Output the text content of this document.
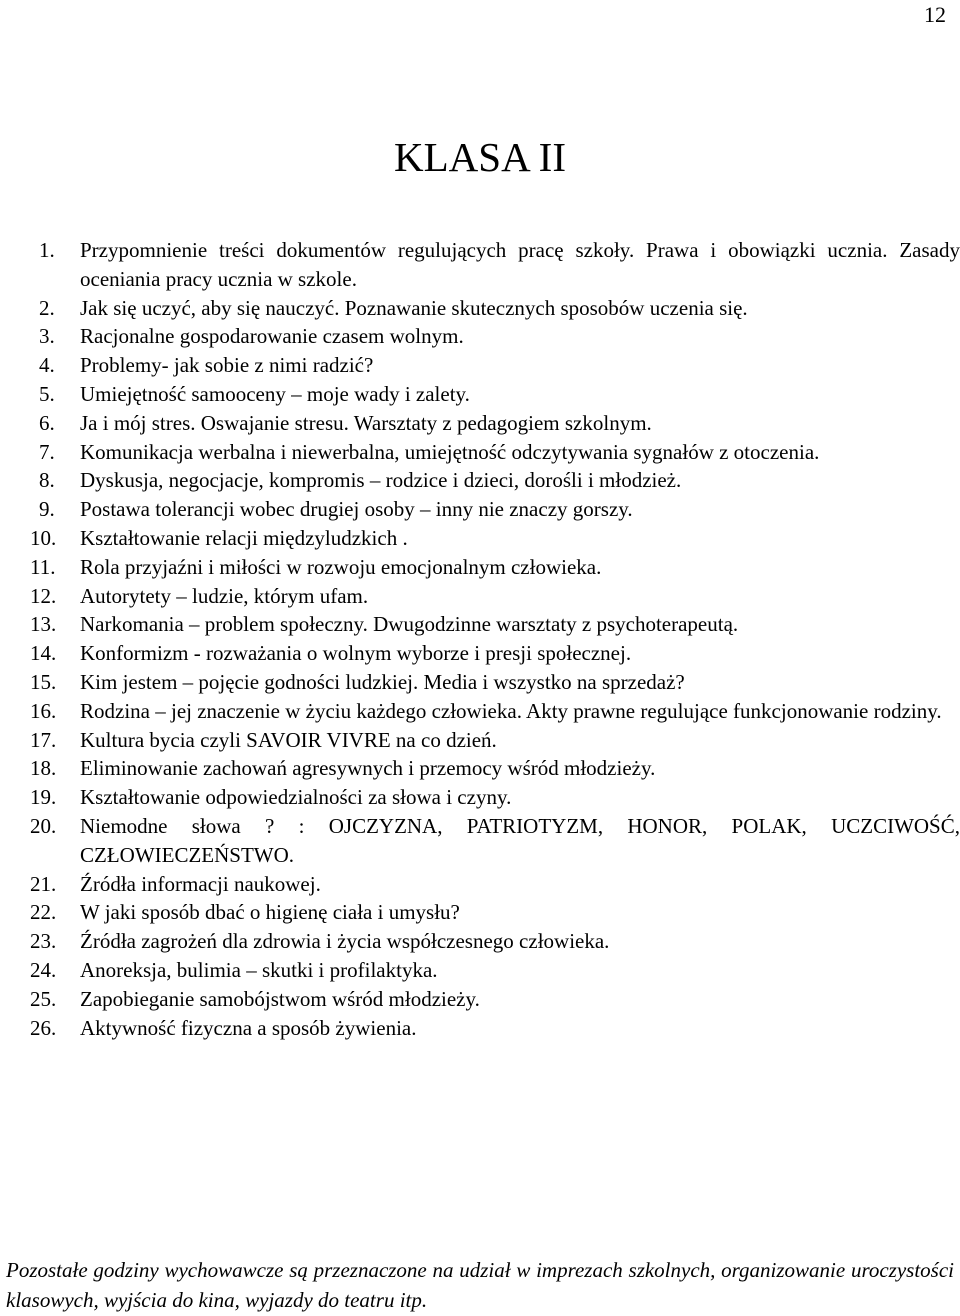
12
KLASA II
1.	Przypomnienie treści dokumentów regulujących pracę szkoły. Prawa i obowiązki ucznia. Zasady oceniania pracy ucznia w szkole.
2.	Jak się uczyć, aby się nauczyć. Poznawanie skutecznych sposobów uczenia się.
3.	Racjonalne gospodarowanie czasem wolnym.
4.	Problemy- jak sobie z nimi radzić?
5.	Umiejętność samooceny – moje wady i zalety.
6.	Ja i mój stres. Oswajanie stresu. Warsztaty z pedagogiem szkolnym.
7.	Komunikacja werbalna i niewerbalna, umiejętność odczytywania sygnałów z otoczenia.
8.	Dyskusja, negocjacje, kompromis – rodzice i dzieci, dorośli i młodzież.
9.	Postawa tolerancji wobec drugiej osoby – inny nie znaczy gorszy.
10.	Kształtowanie relacji międzyludzkich .
11.	Rola przyjaźni i miłości w rozwoju emocjonalnym człowieka.
12.	Autorytety – ludzie, którym ufam.
13.	Narkomania – problem społeczny. Dwugodzinne warsztaty z psychoterapeutą.
14.	Konformizm - rozważania o wolnym wyborze i presji społecznej.
15.	Kim jestem – pojęcie godności ludzkiej. Media i wszystko na sprzedaż?
16.	Rodzina – jej znaczenie w życiu każdego człowieka. Akty prawne regulujące funkcjonowanie rodziny.
17.	Kultura bycia czyli SAVOIR VIVRE na co dzień.
18.	Eliminowanie zachowań agresywnych i przemocy wśród młodzieży.
19.	Kształtowanie odpowiedzialności za słowa i czyny.
20.	Niemodne słowa ? : OJCZYZNA, PATRIOTYZM, HONOR, POLAK, UCZCIWOŚĆ, CZŁOWIECZEŃSTWO.
21.	Źródła informacji naukowej.
22.	W jaki sposób dbać o higienę ciała i umysłu?
23.	Źródła zagrożeń dla zdrowia i życia współczesnego człowieka.
24.	Anoreksja, bulimia – skutki i profilaktyka.
25.	Zapobieganie samobójstwom wśród młodzieży.
26.	Aktywność fizyczna a sposób żywienia.

Pozostałe godziny wychowawcze są przeznaczone na udział w imprezach szkolnych, organizowanie uroczystości klasowych, wyjścia do kina, wyjazdy do teatru itp.
